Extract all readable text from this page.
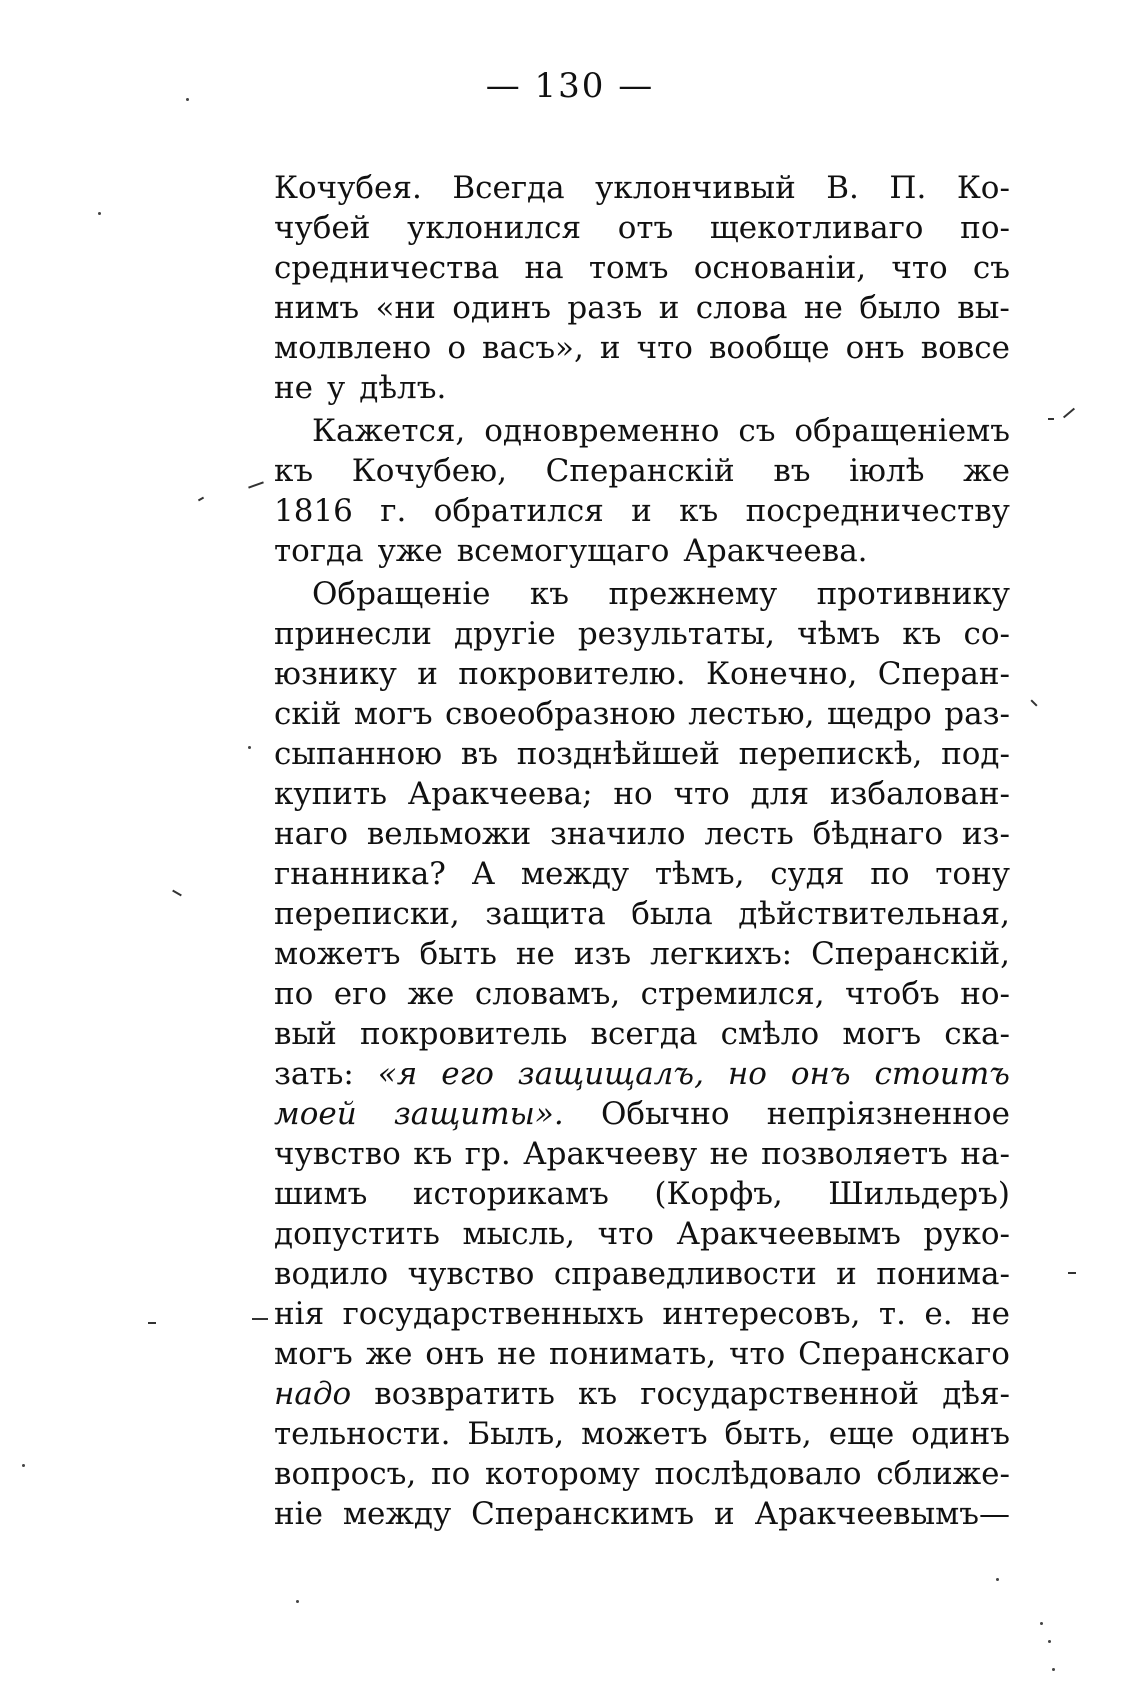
— 130 —
Кочубея. Всегда уклончивый В. П. Ко-
чубей уклонился отъ щекотливаго по-
средничества на томъ основанiи, что съ
нимъ «ни одинъ разъ и слова не было вы-
молвлено о васъ», и что вообще онъ вовсе
не у дѣлъ.
Кажется, одновременно съ обращенiемъ
къ Кочубею, Сперанскiй въ iюлѣ же
1816 г. обратился и къ посредничеству
тогда уже всемогущаго Аракчеева.
Обращенiе къ прежнему противнику
принесли другiе результаты, чѣмъ къ со-
юзнику и покровителю. Конечно, Сперан-
скiй могъ своеобразною лестью, щедро раз-
сыпанною въ позднѣйшей перепискѣ, под-
купить Аракчеева; но что для избалован-
наго вельможи значило лесть бѣднаго из-
гнанника? А между тѣмъ, судя по тону
переписки, защита была дѣйствительная,
можетъ быть не изъ легкихъ: Сперанскiй,
по его же словамъ, стремился, чтобъ но-
вый покровитель всегда смѣло могъ ска-
зать: «я его защищалъ, но онъ стоитъ
моей защиты». Обычно непрiязненное
чувство къ гр. Аракчееву не позволяетъ на-
шимъ историкамъ (Корфъ, Шильдеръ)
допустить мысль, что Аракчеевымъ руко-
водило чувство справедливости и понима-
нiя государственныхъ интересовъ, т. е. не
могъ же онъ не понимать, что Сперанскаго
надо возвратить къ государственной дѣя-
тельности. Былъ, можетъ быть, еще одинъ
вопросъ, по которому послѣдовало сближе-
нiе между Сперанскимъ и Аракчеевымъ—
